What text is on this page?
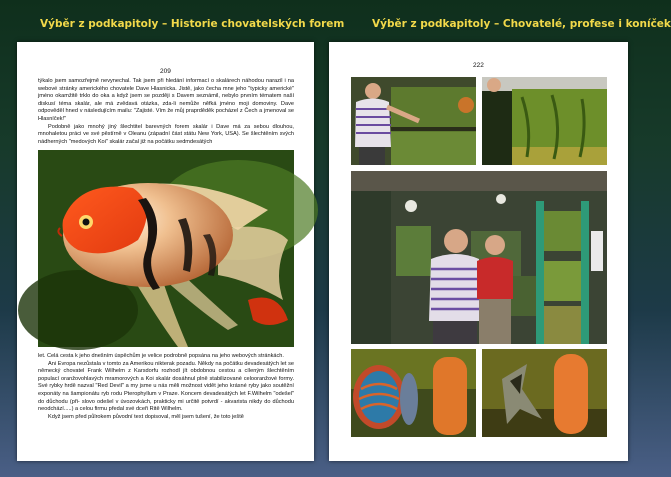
Výběr z podkapitoly – Historie chovatelských forem	Výběr z podkapitoly – Chovatelé, profese i koníček
209

týkalo jsem samozřejmě nevynechal. Tak jsem při hledání informací o skalárech náhodou narazil i na webové stránky amerického chovatele Dave Hlasnicka. Jistě, jako čecha mne jeho "typicky americké" jméno okamžitě trklo do oka a když jsem se později s Davem seznámil, nebylo prvním tématem naší diskusí téma skalár, ale má zvědavá otázka, zda-li nemůže něfká jméno moji domoviny. Dave odpověděl hned v následujícím mailu: "Zajisté. Vím že můj praprděděk pocházel z Čech a jmenoval se Hlasníček!"

Podobně jako mnohý jiný šlechtitel barevných forem skalár i Dave má za sebou dlouhou, mnohaletou práci ve své pěstírně v Oleanu (západní část státu New York, USA). Se šlechtěním svých nádherných "medových Koi" skalár začal již na počátku sedmdesátých

let. Celá cesta k jeho dnešním úspěchům je velice podrobně popsána na jeho webových stránkách.

Ani Evropa nezůstala v tomto za Amerikou nikterak pozadu. Někdy na počátku devadesátých let se německý chovatel Frank Wilhelm z Karsdorfu rozhodl jít obdobnou cestou a cíleným šlechtěním populací oranžovohlavých mramorových a Koi skalár dosáhnul plně stabilizované celooranžové formy. Své rybky hrdě nazval "Red Devil" a my jsme u nás měli možnost vidět jeho krásné ryby jako soutěžní exponáty na šampionátu ryb rodu Pterophyllum v Praze. Koncem devadesátých let F.Wilhelm "odešel" do důchodu (při- slovo odešel v úvozovkách, prakticky mi určitě potvrdí - akvarista nikdy do důchodu neodchází.....) a celou firmu předal své dceři Ritě Wilhelm.

Když jsem před půlrokem původní text dopisoval, měl jsem tušení, že toto ještě

222
